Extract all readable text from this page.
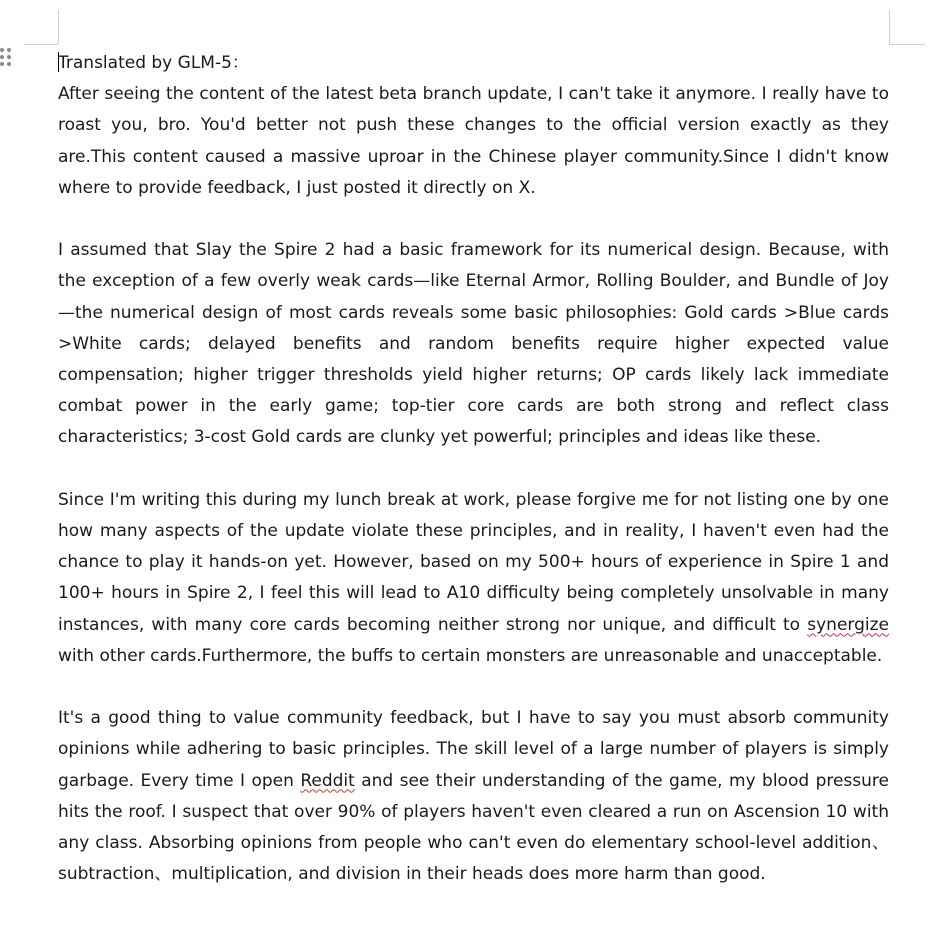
Translated by GLM-5：

After seeing the content of the latest beta branch update, I can't take it anymore. I really have to roast you, bro. You'd better not push these changes to the official version exactly as they are.This content caused a massive uproar in the Chinese player community.Since I didn't know where to provide feedback, I just posted it directly on X.

I assumed that Slay the Spire 2 had a basic framework for its numerical design. Because, with the exception of a few overly weak cards—like Eternal Armor, Rolling Boulder, and Bundle of Joy—the numerical design of most cards reveals some basic philosophies: Gold cards >Blue cards >White cards; delayed benefits and random benefits require higher expected value compensation; higher trigger thresholds yield higher returns; OP cards likely lack immediate combat power in the early game; top-tier core cards are both strong and reflect class characteristics; 3-cost Gold cards are clunky yet powerful; principles and ideas like these.

Since I'm writing this during my lunch break at work, please forgive me for not listing one by one how many aspects of the update violate these principles, and in reality, I haven't even had the chance to play it hands-on yet. However, based on my 500+ hours of experience in Spire 1 and 100+ hours in Spire 2, I feel this will lead to A10 difficulty being completely unsolvable in many instances, with many core cards becoming neither strong nor unique, and difficult to synergize with other cards.Furthermore, the buffs to certain monsters are unreasonable and unacceptable.

It's a good thing to value community feedback, but I have to say you must absorb community opinions while adhering to basic principles. The skill level of a large number of players is simply garbage. Every time I open Reddit and see their understanding of the game, my blood pressure hits the roof. I suspect that over 90% of players haven't even cleared a run on Ascension 10 with any class. Absorbing opinions from people who can't even do elementary school-level addition、subtraction、multiplication, and division in their heads does more harm than good.
